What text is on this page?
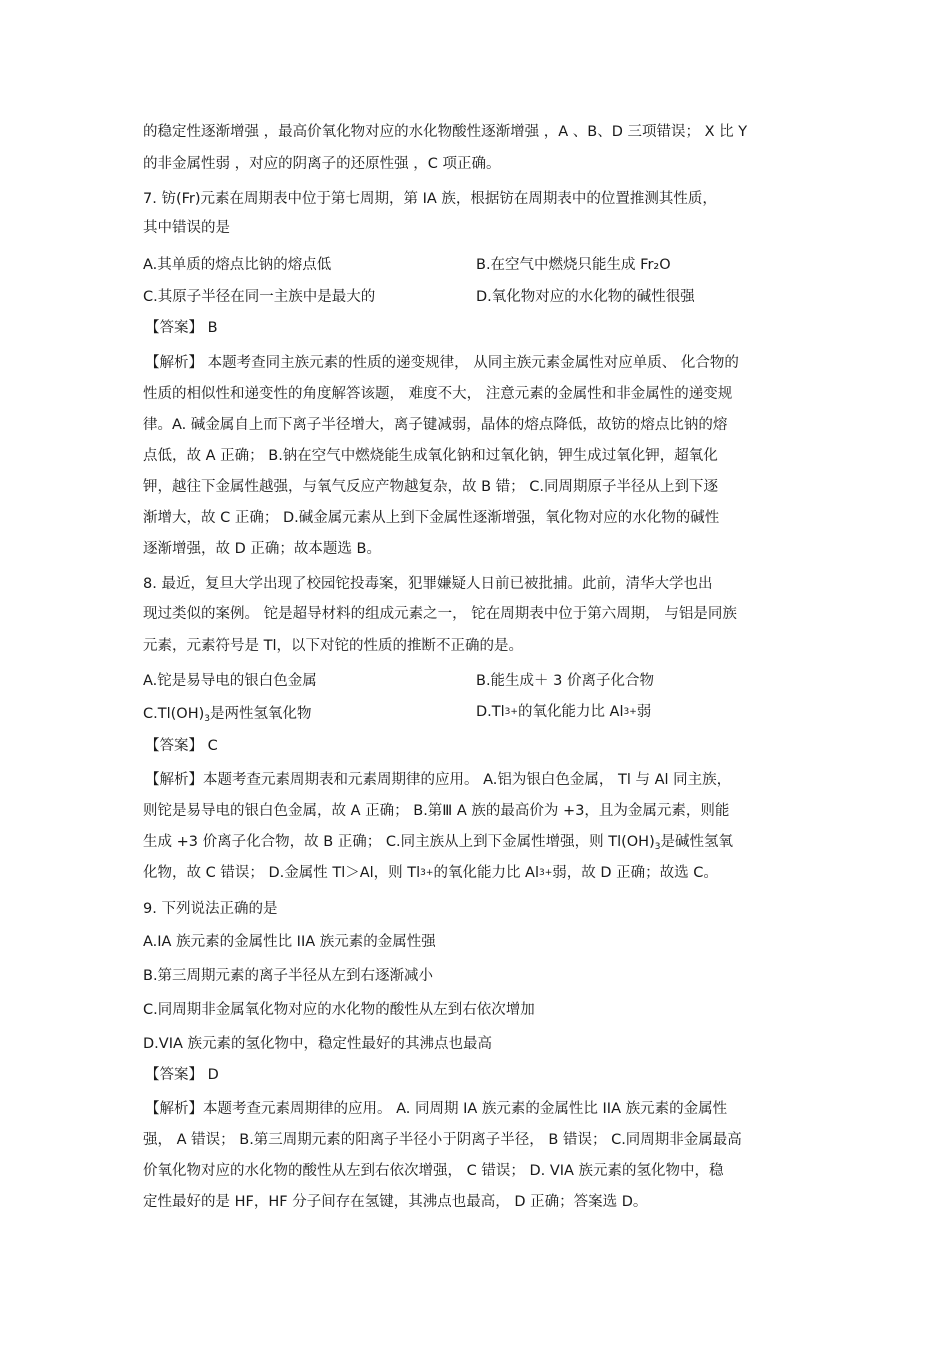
的稳定性逐渐增强 ，最高价氧化物对应的水化物酸性逐渐增强 ，A 、B、D 三项错误； X 比 Y
的非金属性弱 ，对应的阴离子的还原性强 ，C 项正确。
7. 钫(Fr)元素在周期表中位于第七周期，第 IA 族，根据钫在周期表中的位置推测其性质，
其中错误的是
A.其单质的熔点比钠的熔点低	B.在空气中燃烧只能生成 Fr₂O
C.其原子半径在同一主族中是最大的	D.氧化物对应的水化物的碱性很强
【答案】 B
【解析】 本题考查同主族元素的性质的递变规律， 从同主族元素金属性对应单质、 化合物的
性质的相似性和递变性的角度解答该题， 难度不大， 注意元素的金属性和非金属性的递变规
律。A. 碱金属自上而下离子半径增大，离子键减弱，晶体的熔点降低，故钫的熔点比钠的熔
点低，故 A 正确； B.钠在空气中燃烧能生成氧化钠和过氧化钠，钾生成过氧化钾，超氧化
钾，越往下金属性越强，与氧气反应产物越复杂，故 B 错； C.同周期原子半径从上到下逐
渐增大，故 C 正确； D.碱金属元素从上到下金属性逐渐增强，氧化物对应的水化物的碱性
逐渐增强，故 D 正确；故本题选 B。
8. 最近，复旦大学出现了校园铊投毒案，犯罪嫌疑人日前已被批捕。此前，清华大学也出
现过类似的案例。 铊是超导材料的组成元素之一， 铊在周期表中位于第六周期， 与铝是同族
元素，元素符号是 Tl，以下对铊的性质的推断不正确的是。
A.铊是易导电的银白色金属	B.能生成＋ 3 价离子化合物
$C.Tl(OH)_3$是两性氢氧化物	$D.Tl^{3+}$的氧化能力比 $Al^{3+}$弱
【答案】 C
【解析】本题考查元素周期表和元素周期律的应用。 A.铝为银白色金属， Tl 与 Al 同主族，
则铊是易导电的银白色金属，故 A 正确； B.第Ⅲ A 族的最高价为 +3，且为金属元素，则能
生成 +3 价离子化合物，故 B 正确； C.同主族从上到下金属性增强，则 $Tl(OH)_3$是碱性氢氧
化物，故 C 错误； D.金属性 Tl＞Al，则 $Tl^{3+}$的氧化能力比 $Al^{3+}$弱，故 D 正确；故选 C。
9. 下列说法正确的是
A.IA 族元素的金属性比 IIA 族元素的金属性强
B.第三周期元素的离子半径从左到右逐渐减小
C.同周期非金属氧化物对应的水化物的酸性从左到右依次增加
D.VIA 族元素的氢化物中，稳定性最好的其沸点也最高
【答案】 D
【解析】本题考查元素周期律的应用。 A. 同周期 IA 族元素的金属性比 IIA 族元素的金属性
强， A 错误； B.第三周期元素的阳离子半径小于阴离子半径， B 错误； C.同周期非金属最高
价氧化物对应的水化物的酸性从左到右依次增强， C 错误； D. VIA 族元素的氢化物中，稳
定性最好的是 HF，HF 分子间存在氢键，其沸点也最高， D 正确；答案选 D。
